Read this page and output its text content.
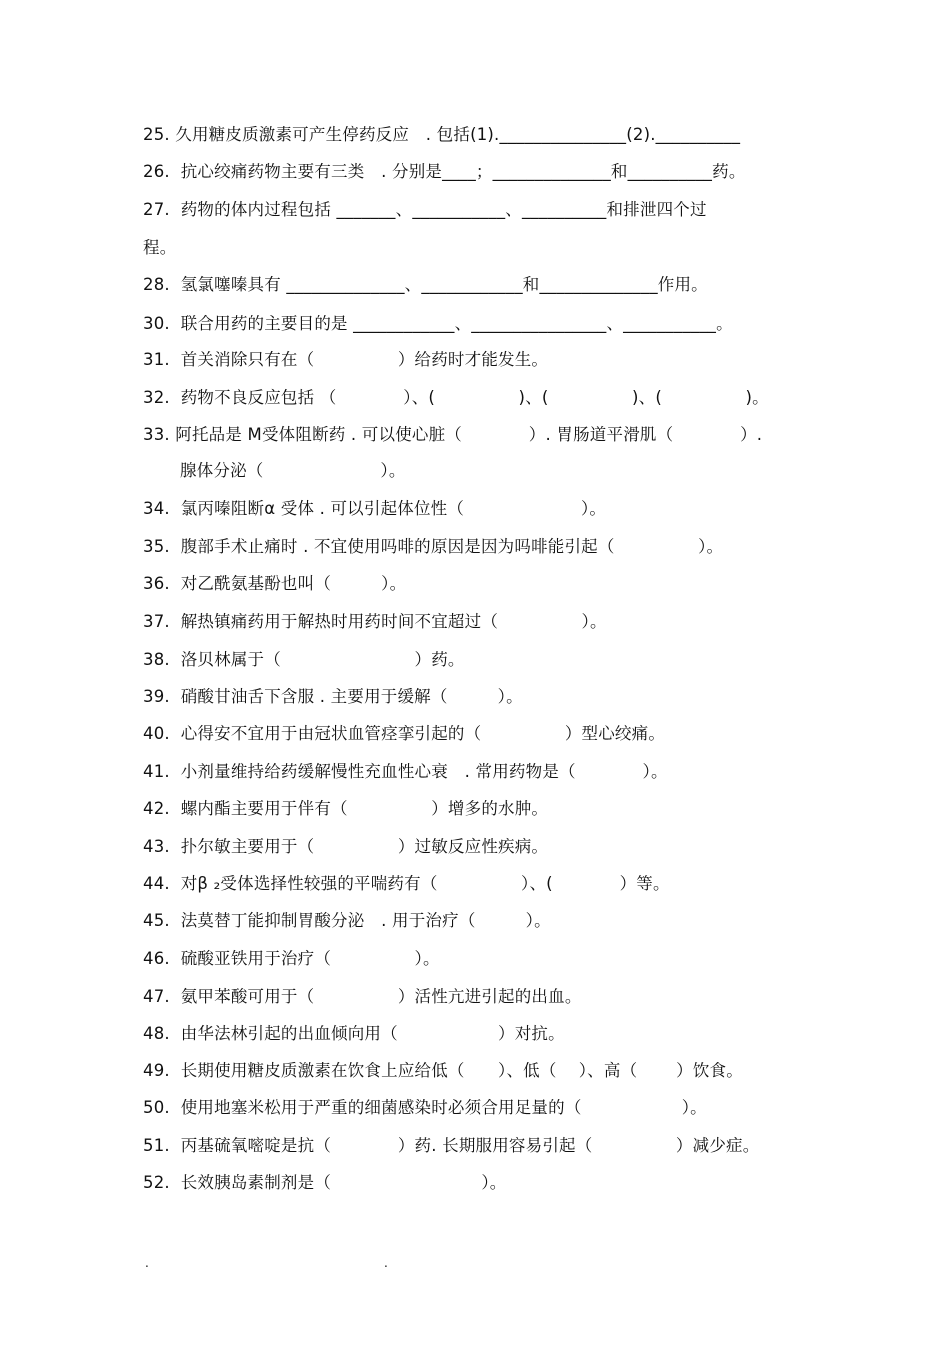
25. 久用糖皮质激素可产生停药反应　. 包括(1)._______________(2).__________
26.  抗心绞痛药物主要有三类　. 分别是____；______________和__________药。
27.  药物的体内过程包括 _______、___________、__________和排泄四个过
程。
28.  氢氯噻嗪具有 ______________、____________和______________作用。
30.  联合用药的主要目的是 ____________、________________、___________。
31.  首关消除只有在（　　　　　）给药时才能发生。
32.  药物不良反应包括 （　　　　）、(　　　　　)、(　　　　　)、(　　　　　)。
33. 阿托品是 M受体阻断药 . 可以使心脏（　　　　）. 胃肠道平滑肌（　　　　）.
腺体分泌（　　　　　　　）。
34.  氯丙嗪阻断α 受体 . 可以引起体位性（　　　　　　　）。
35.  腹部手术止痛时 . 不宜使用吗啡的原因是因为吗啡能引起（　　　　　）。
36.  对乙酰氨基酚也叫（　　　）。
37.  解热镇痛药用于解热时用药时间不宜超过（　　　　　）。
38.  洛贝林属于（　　　　　　　　）药。
39.  硝酸甘油舌下含服 . 主要用于缓解（　　　）。
40.  心得安不宜用于由冠状血管痉挛引起的（　　　　　）型心绞痛。
41.  小剂量维持给药缓解慢性充血性心衰　. 常用药物是（　　　　）。
42.  螺内酯主要用于伴有（　　　　　）增多的水肿。
43.  扑尔敏主要用于（　　　　　）过敏反应性疾病。
44.  对β ₂受体选择性较强的平喘药有（　　　　　）、(　　　　）等。
45.  法莫替丁能抑制胃酸分泌　. 用于治疗（　　　）。
46.  硫酸亚铁用于治疗（　　　　　）。
47.  氨甲苯酸可用于（　　　　　）活性亢进引起的出血。
48.  由华法林引起的出血倾向用（　　　　　　）对抗。
49.  长期使用糖皮质激素在饮食上应给低（　　）、低（　 ）、高（　　 ）饮食。
50.  使用地塞米松用于严重的细菌感染时必须合用足量的（　　　　　　）。
51.  丙基硫氧嘧啶是抗（　　　　）药. 长期服用容易引起（　　　　　）减少症。
52.  长效胰岛素制剂是（　　　　　　　　　）。
.	.
